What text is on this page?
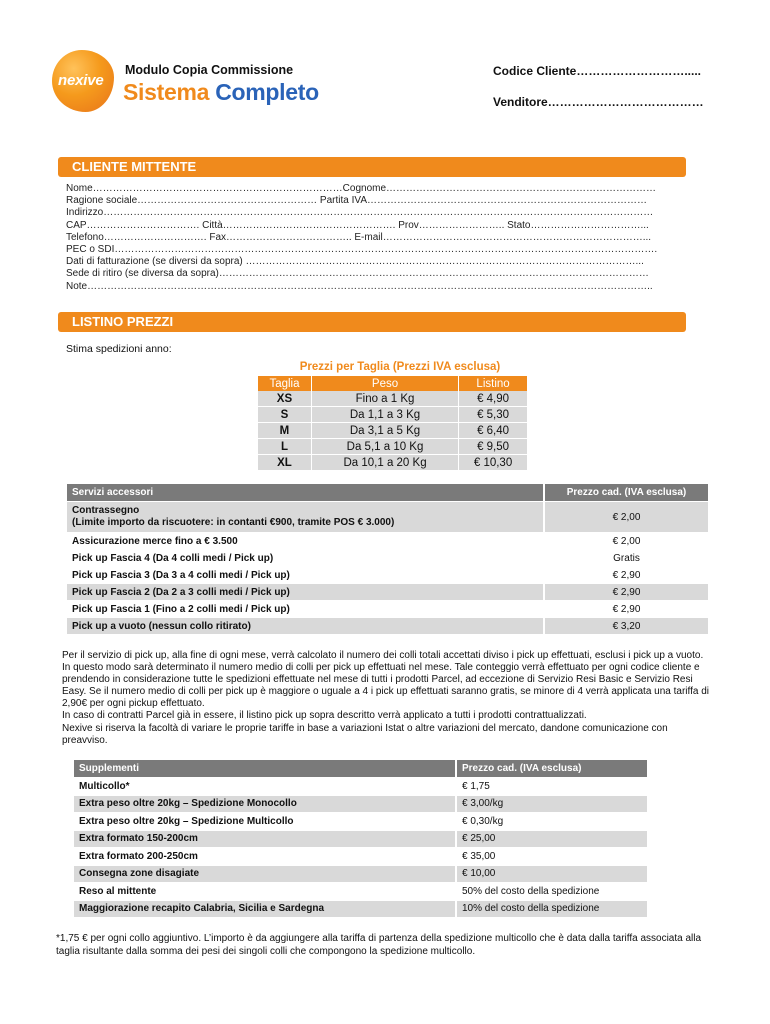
nexive
Modulo Copia Commissione
Sistema Completo
Codice Cliente……………………….....
Venditore…………………………………
CLIENTE MITTENTE
Nome…………………………………………………………………Cognome………………………………………………………………………
Ragione sociale……………………………………………… Partita IVA…………………………………………………………………………
Indirizzo…………………………………………………………………………………………………………………………………………………
CAP……………………………. Città……………………………………………. Prov…………………….. Stato……………………………...
Telefono…………………………. Fax……………………………….. E-mail……………………………………………………………………...
PEC o SDI……………………………………………………………………………………………………………………………………………….
Dati di fatturazione (se diversi da sopra) ………………………………………………………………………………………………………...
Sede di ritiro (se diversa da sopra)…………………………………………………………………………………………………………………
Note……………………………………………………………………………………………………………………………………………………..
LISTINO PREZZI
Stima spedizioni anno:
Prezzi per Taglia (Prezzi IVA esclusa)
Taglia	Peso	Listino
XS	Fino a 1 Kg	€ 4,90
S	Da 1,1 a 3 Kg	€ 5,30
M	Da 3,1 a 5 Kg	€ 6,40
L	Da 5,1 a 10 Kg	€ 9,50
XL	Da 10,1 a 20 Kg	€ 10,30
Servizi accessori	Prezzo cad. (IVA esclusa)

Contrassegno
(Limite importo da riscuotere: in contanti €900, tramite POS € 3.000)	€ 2,00
Assicurazione merce fino a € 3.500	€ 2,00
Pick up Fascia 4 (Da 4 colli medi / Pick up)	Gratis
Pick up Fascia 3 (Da 3 a 4 colli medi / Pick up)	€ 2,90
Pick up Fascia 2 (Da 2 a 3 colli medi / Pick up)	€ 2,90
Pick up Fascia 1 (Fino a 2 colli medi / Pick up)	€ 2,90
Pick up a vuoto (nessun collo ritirato)	€ 3,20

Per il servizio di pick up, alla fine di ogni mese, verrà calcolato il numero dei colli totali accettati diviso i pick up effettuati, esclusi i pick up a vuoto. In questo modo sarà determinato il numero medio di colli per pick up effettuati nel mese. Tale conteggio verrà effettuato per ogni codice cliente e prendendo in considerazione tutte le spedizioni effettuate nel mese di tutti i prodotti Parcel, ad eccezione di Servizio Resi Basic e Servizio Resi Easy. Se il numero medio di colli per pick up è maggiore o uguale a 4 i pick up effettuati saranno gratis, se minore di 4 verrà applicata una tariffa di 2,90€ per ogni pickup effettuato.

In caso di contratti Parcel già in essere, il listino pick up sopra descritto verrà applicato a tutti i prodotti contrattualizzati.

Nexive si riserva la facoltà di variare le proprie tariffe in base a variazioni Istat o altre variazioni del mercato, dandone comunicazione con preavviso.

Supplementi	Prezzo cad. (IVA esclusa)
Multicollo*	€ 1,75
Extra peso oltre 20kg – Spedizione Monocollo	€ 3,00/kg
Extra peso oltre 20kg – Spedizione Multicollo	€ 0,30/kg
Extra formato 150-200cm	€ 25,00
Extra formato 200-250cm	€ 35,00
Consegna zone disagiate	€ 10,00
Reso al mittente	50% del costo della spedizione
Maggiorazione recapito Calabria, Sicilia e Sardegna	10% del costo della spedizione
*1,75 € per ogni collo aggiuntivo. L’importo è da aggiungere alla tariffa di partenza della spedizione multicollo che è data dalla tariffa associata alla taglia risultante dalla somma dei pesi dei singoli colli che compongono la spedizione multicollo.
